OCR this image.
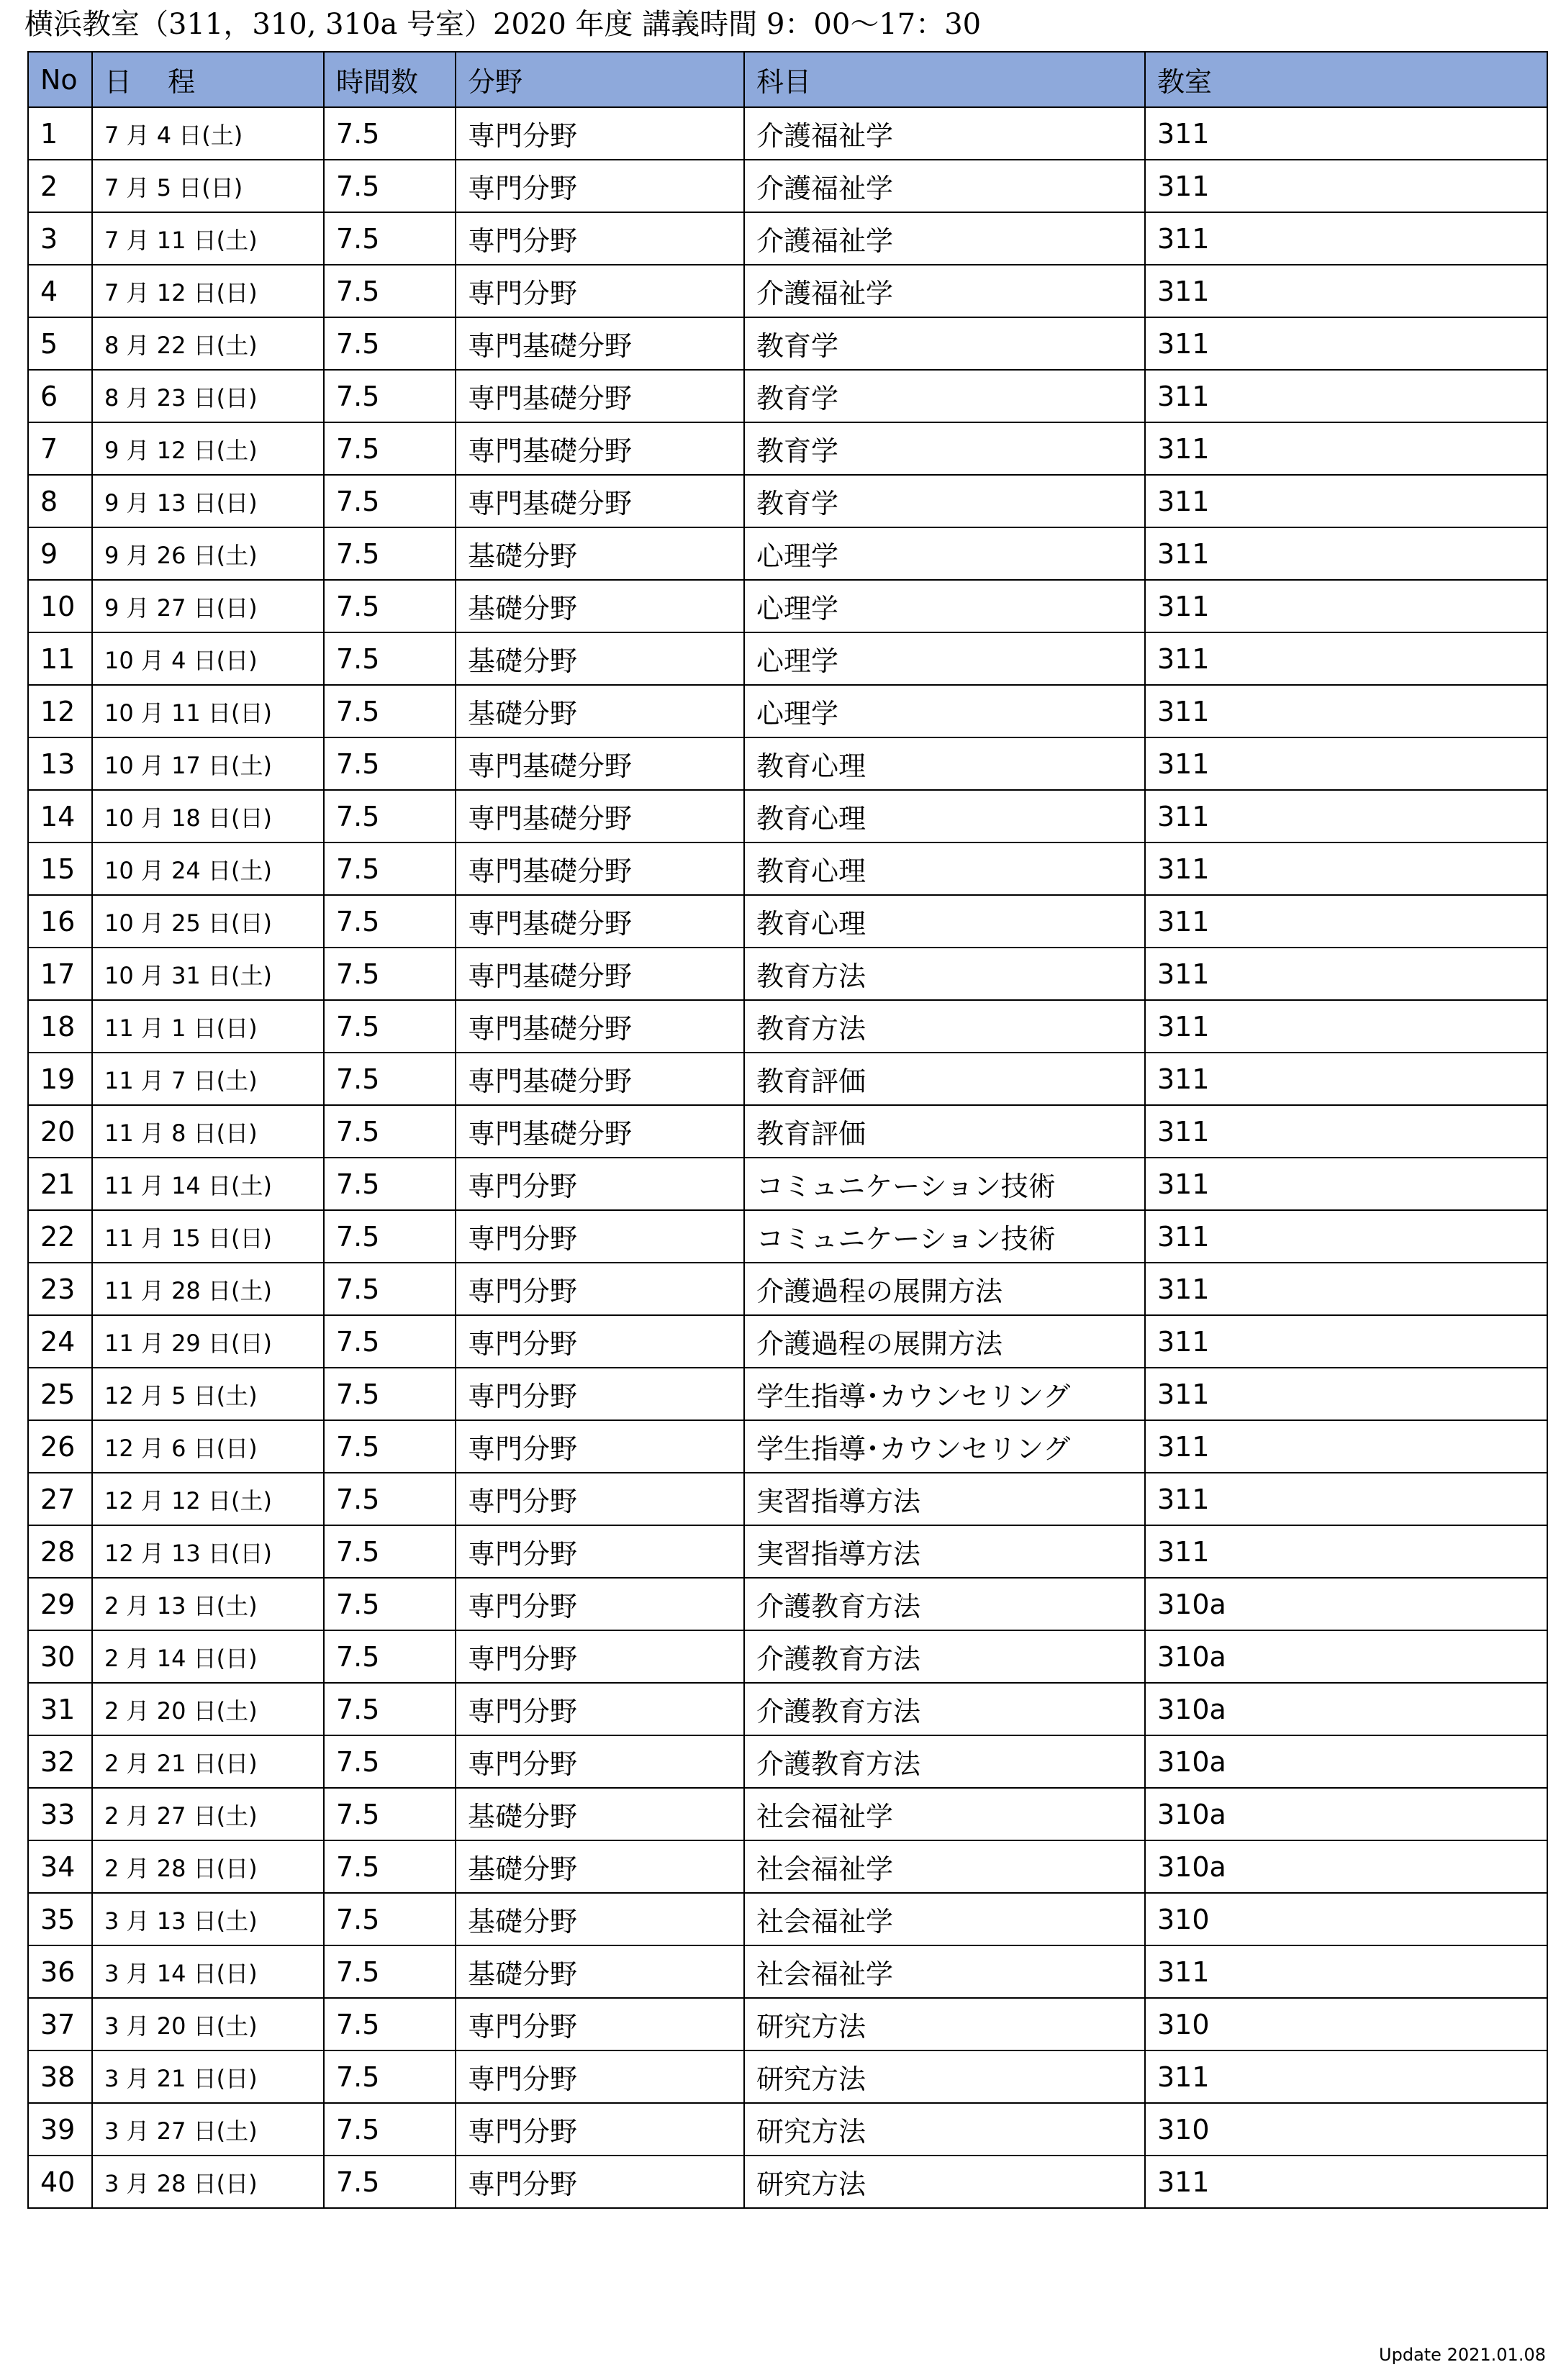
横浜教室（311，310, 310a 号室）2020 年度 講義時間 9：00～17：30
No	日　 程	時間数	分野	科目	教室
1	7 月 4 日(土)	7.5	専門分野	介護福祉学	311
2	7 月 5 日(日)	7.5	専門分野	介護福祉学	311
3	7 月 11 日(土)	7.5	専門分野	介護福祉学	311
4	7 月 12 日(日)	7.5	専門分野	介護福祉学	311
5	8 月 22 日(土)	7.5	専門基礎分野	教育学	311
6	8 月 23 日(日)	7.5	専門基礎分野	教育学	311
7	9 月 12 日(土)	7.5	専門基礎分野	教育学	311
8	9 月 13 日(日)	7.5	専門基礎分野	教育学	311
9	9 月 26 日(土)	7.5	基礎分野	心理学	311
10	9 月 27 日(日)	7.5	基礎分野	心理学	311
11	10 月 4 日(日)	7.5	基礎分野	心理学	311
12	10 月 11 日(日)	7.5	基礎分野	心理学	311
13	10 月 17 日(土)	7.5	専門基礎分野	教育心理	311
14	10 月 18 日(日)	7.5	専門基礎分野	教育心理	311
15	10 月 24 日(土)	7.5	専門基礎分野	教育心理	311
16	10 月 25 日(日)	7.5	専門基礎分野	教育心理	311
17	10 月 31 日(土)	7.5	専門基礎分野	教育方法	311
18	11 月 1 日(日)	7.5	専門基礎分野	教育方法	311
19	11 月 7 日(土)	7.5	専門基礎分野	教育評価	311
20	11 月 8 日(日)	7.5	専門基礎分野	教育評価	311
21	11 月 14 日(土)	7.5	専門分野	コミュニケーション技術	311
22	11 月 15 日(日)	7.5	専門分野	コミュニケーション技術	311
23	11 月 28 日(土)	7.5	専門分野	介護過程の展開方法	311
24	11 月 29 日(日)	7.5	専門分野	介護過程の展開方法	311
25	12 月 5 日(土)	7.5	専門分野	学生指導･カウンセリング	311
26	12 月 6 日(日)	7.5	専門分野	学生指導･カウンセリング	311
27	12 月 12 日(土)	7.5	専門分野	実習指導方法	311
28	12 月 13 日(日)	7.5	専門分野	実習指導方法	311
29	2 月 13 日(土)	7.5	専門分野	介護教育方法	310a
30	2 月 14 日(日)	7.5	専門分野	介護教育方法	310a
31	2 月 20 日(土)	7.5	専門分野	介護教育方法	310a
32	2 月 21 日(日)	7.5	専門分野	介護教育方法	310a
33	2 月 27 日(土)	7.5	基礎分野	社会福祉学	310a
34	2 月 28 日(日)	7.5	基礎分野	社会福祉学	310a
35	3 月 13 日(土)	7.5	基礎分野	社会福祉学	310
36	3 月 14 日(日)	7.5	基礎分野	社会福祉学	311
37	3 月 20 日(土)	7.5	専門分野	研究方法	310
38	3 月 21 日(日)	7.5	専門分野	研究方法	311
39	3 月 27 日(土)	7.5	専門分野	研究方法	310
40	3 月 28 日(日)	7.5	専門分野	研究方法	311
Update 2021.01.08
